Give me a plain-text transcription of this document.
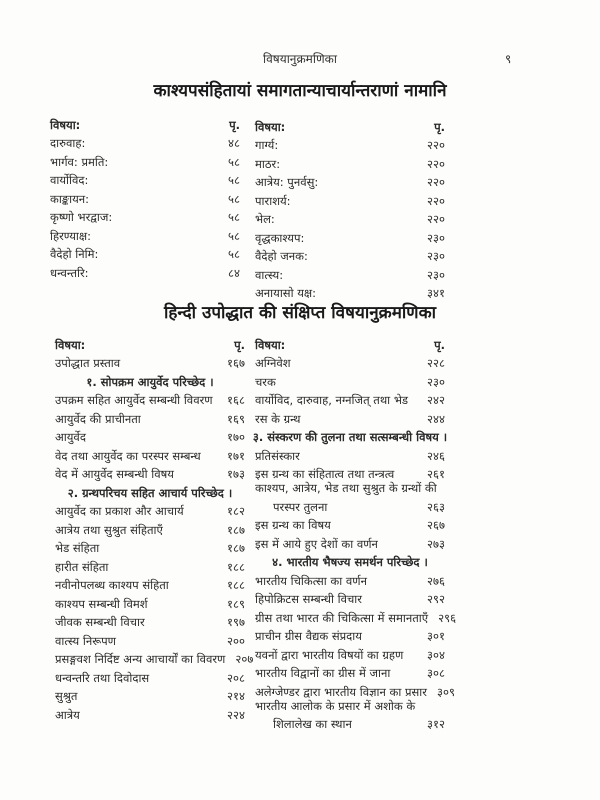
विषयानुक्रमणिका	९
काश्यपसंहितायां समागतान्याचार्यान्तराणां नामानि
विषया:	पृ.
दारुवाह:	४८
भार्गव: प्रमति:	५८
वार्योविद:	५८
काङ्कायन:	५८
कृष्णो भरद्वाज:	५८
हिरण्याक्ष:	५८
वैदेहो निमि:	५८
धन्वन्तरि:	८४
विषया:	पृ.
गार्ग्य:	२२०
माठर:	२२०
आत्रेय: पुनर्वसु:	२२०
पाराशर्य:	२२०
भेल:	२२०
वृद्धकाश्यप:	२३०
वैदेहो जनक:	२३०
वात्स्य:	२३०
अनायासो यक्ष:	३४१
हिन्दी उपोद्धात की संक्षिप्त विषयानुक्रमणिका
विषया:	पृ.
उपोद्धात प्रस्ताव	१६७
१. सोपक्रम आयुर्वेद परिच्छेद ।
उपक्रम सहित आयुर्वेद सम्बन्धी विवरण	१६८
आयुर्वेद की प्राचीनता	१६९
आयुर्वेद	१७०
वेद तथा आयुर्वेद का परस्पर सम्बन्ध	१७१
वेद में आयुर्वेद सम्बन्धी विषय	१७३
२. ग्रन्थपरिचय सहित आचार्य परिच्छेद ।
आयुर्वेद का प्रकाश और आचार्य	१८२
आत्रेय तथा सुश्रुत संहिताएँ	१८७
भेड संहिता	१८७
हारीत संहिता	१८८
नवीनोपलब्ध काश्यप संहिता	१८८
काश्यप सम्बन्धी विमर्श	१८९
जीवक सम्बन्धी विचार	१९७
वात्स्य निरूपण	२००
प्रसङ्गवश निर्दिष्ट अन्य आचार्यों का विवरण २०७
धन्वन्तरि तथा दिवोदास	२०८
सुश्रुत	२१४
आत्रेय	२२४
विषया:	पृ.
अग्निवेश	२२८
चरक	२३०
वार्योविद, दारुवाह, नग्नजित् तथा भेड	२४२
रस के ग्रन्थ	२४४
३. संस्करण की तुलना तथा सत्सम्बन्धी विषय ।
प्रतिसंस्कार	२४६
इस ग्रन्थ का संहितात्व तथा तन्त्रत्व	२६१
काश्यप, आत्रेय, भेड तथा सुश्रुत के ग्रन्थों की
परस्पर तुलना	२६३
इस ग्रन्थ का विषय	२६७
इस में आये हुए देशों का वर्णन	२७३
४. भारतीय भैषज्य समर्थन परिच्छेद ।
भारतीय चिकित्सा का वर्णन	२७६
हिपोक्रिटस सम्बन्धी विचार	२९२
ग्रीस तथा भारत की चिकित्सा में समानताएँ २९६
प्राचीन ग्रीस वैद्यक संप्रदाय	३०१
यवनों द्वारा भारतीय विषयों का ग्रहण	३०४
भारतीय विद्वानों का ग्रीस में जाना	३०८
अलेग्जेण्डर द्वारा भारतीय विज्ञान का प्रसार ३०९
भारतीय आलोक के प्रसार में अशोक के
शिलालेख का स्थान	३१२
